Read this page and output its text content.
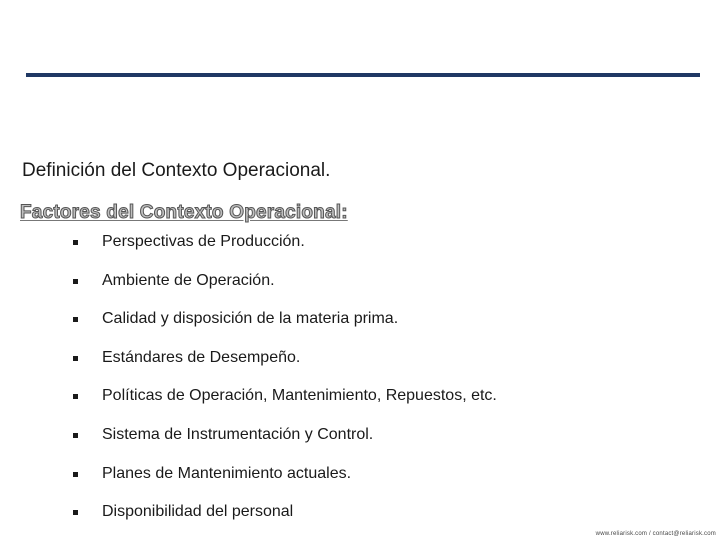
Definición del Contexto Operacional.
Factores del Contexto Operacional:
Perspectivas de Producción.
Ambiente de Operación.
Calidad y disposición de la materia prima.
Estándares de Desempeño.
Políticas de Operación, Mantenimiento, Repuestos, etc.
Sistema de Instrumentación y Control.
Planes de Mantenimiento actuales.
Disponibilidad del personal
www.reliarisk.com / contact@reliarisk.com
